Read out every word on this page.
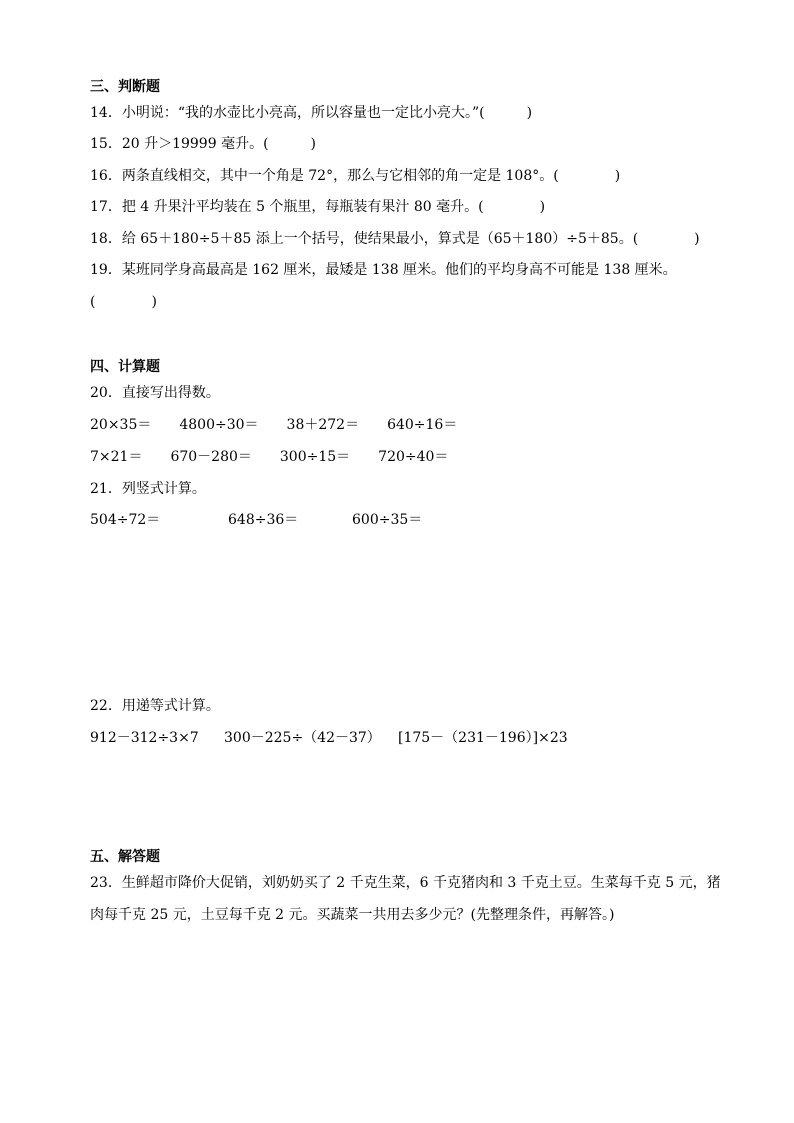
三、判断题
14．小明说：“我的水壶比小亮高，所以容量也一定比小亮大。”(　　　)
15．20 升＞19999 毫升。(　　　)
16．两条直线相交，其中一个角是 72°，那么与它相邻的角一定是 108°。(　　　　)
17．把 4 升果汁平均装在 5 个瓶里，每瓶装有果汁 80 毫升。(　　　　)
18．给 65＋180÷5＋85 添上一个括号，使结果最小，算式是（65＋180）÷5＋85。(　　　　)
19．某班同学身高最高是 162 厘米，最矮是 138 厘米。他们的平均身高不可能是 138 厘米。
(　　　　)
四、计算题
20．直接写出得数。
20×35＝　　4800÷30＝　　38＋272＝　　640÷16＝
7×21＝　　670－280＝　　300÷15＝　　720÷40＝
21．列竖式计算。
504÷72＝	648÷36＝	600÷35＝
22．用递等式计算。
912－312÷3×7 300－225÷（42－37） [175－（231－196）]×23
五、解答题
23．生鲜超市降价大促销，刘奶奶买了 2 千克生菜，6 千克猪肉和 3 千克土豆。生菜每千克 5 元，猪
肉每千克 25 元，土豆每千克 2 元。买蔬菜一共用去多少元？(先整理条件，再解答。)
